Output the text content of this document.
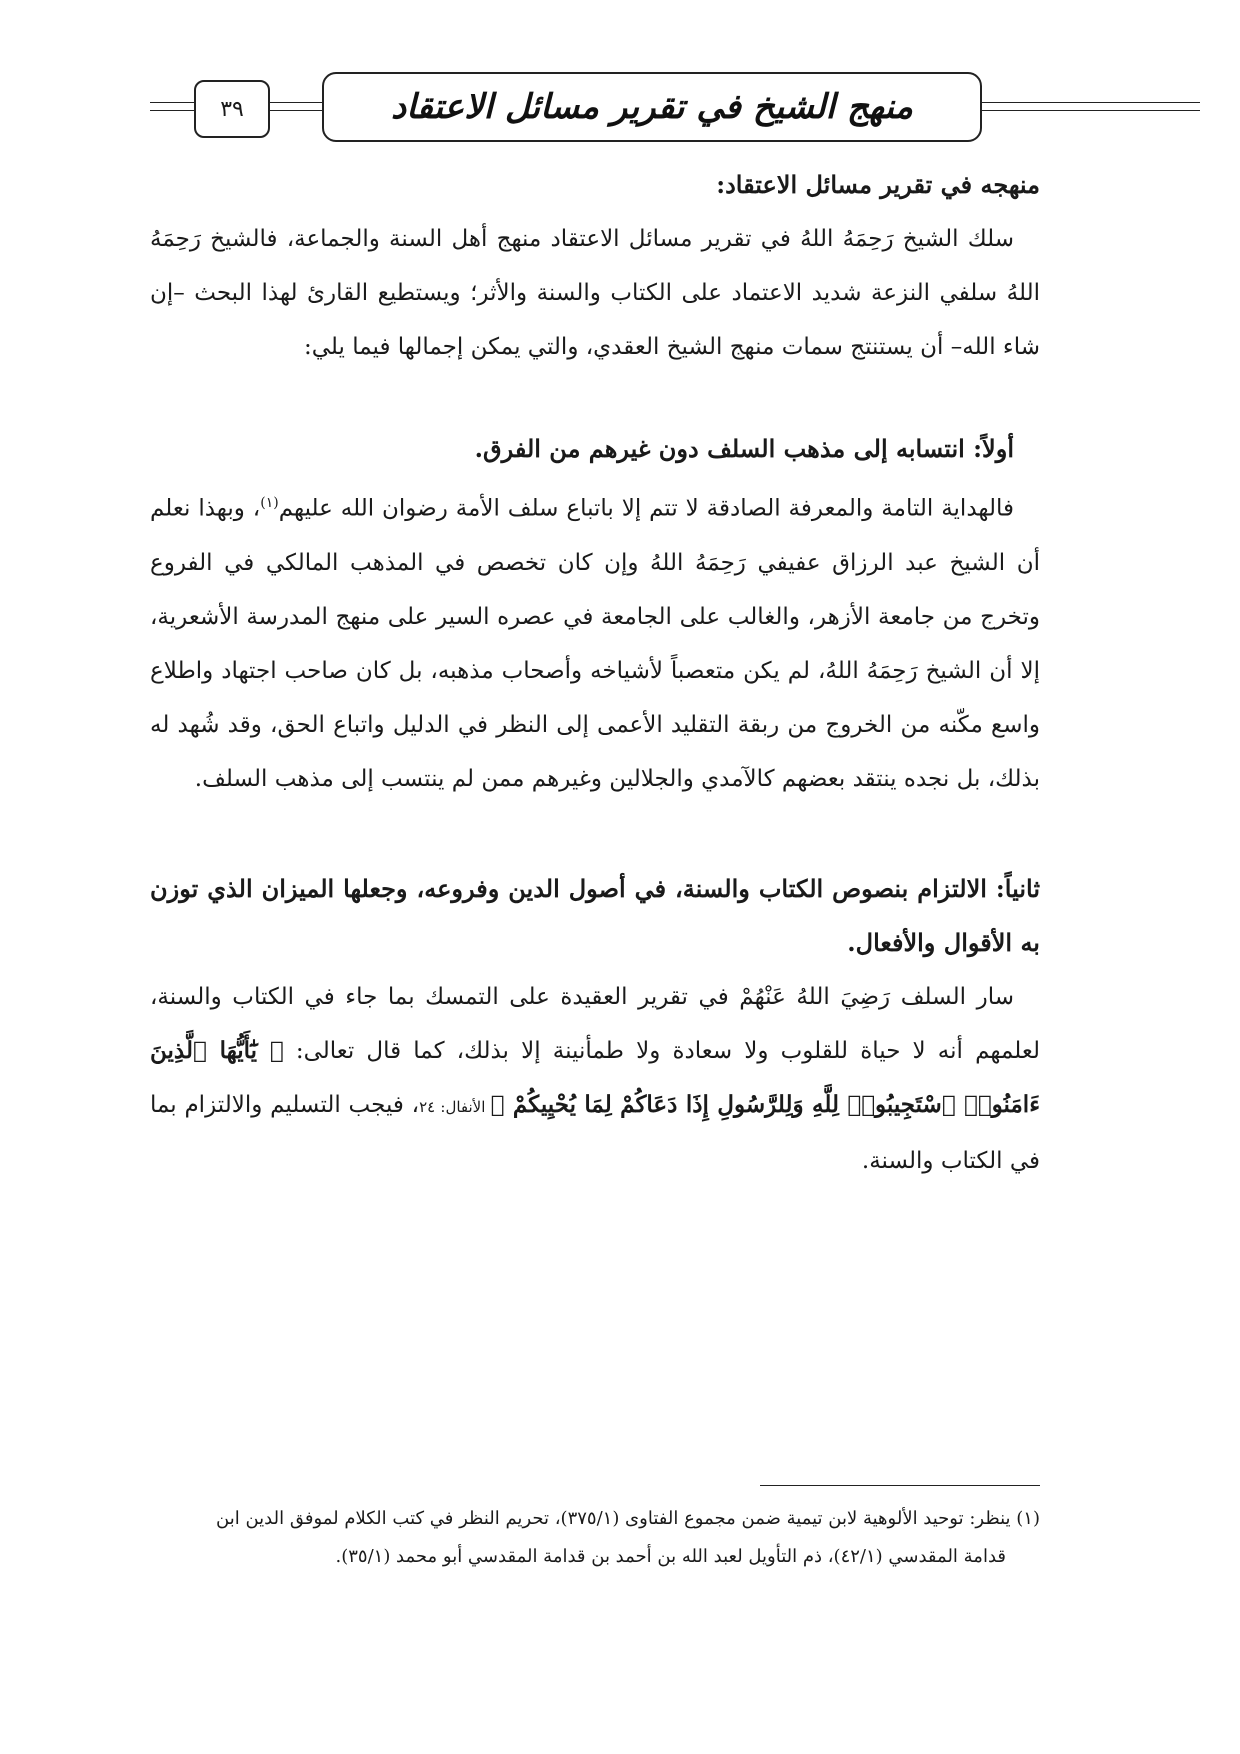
منهج الشيخ في تقرير مسائل الاعتقاد
٣٩

منهجه في تقرير مسائل الاعتقاد:

سلك الشيخ رَحِمَهُ اللهُ في تقرير مسائل الاعتقاد منهج أهل السنة والجماعة، فالشيخ رَحِمَهُ اللهُ سلفي النزعة شديد الاعتماد على الكتاب والسنة والأثر؛ ويستطيع القارئ لهذا البحث –إن شاء الله– أن يستنتج سمات منهج الشيخ العقدي، والتي يمكن إجمالها فيما يلي:

أولاً: انتسابه إلى مذهب السلف دون غيرهم من الفرق.

فالهداية التامة والمعرفة الصادقة لا تتم إلا باتباع سلف الأمة رضوان الله عليهم$^{(١)}$، وبهذا نعلم أن الشيخ عبد الرزاق عفيفي رَحِمَهُ اللهُ وإن كان تخصص في المذهب المالكي في الفروع وتخرج من جامعة الأزهر، والغالب على الجامعة في عصره السير على منهج المدرسة الأشعرية، إلا أن الشيخ رَحِمَهُ اللهُ، لم يكن متعصباً لأشياخه وأصحاب مذهبه، بل كان صاحب اجتهاد واطلاع واسع مكّنه من الخروج من ربقة التقليد الأعمى إلى النظر في الدليل واتباع الحق، وقد شُهد له بذلك، بل نجده ينتقد بعضهم كالآمدي والجلالين وغيرهم ممن لم ينتسب إلى مذهب السلف.

ثانياً: الالتزام بنصوص الكتاب والسنة، في أصول الدين وفروعه، وجعلها الميزان الذي توزن به الأقوال والأفعال.

سار السلف رَضِيَ اللهُ عَنْهُمْ في تقرير العقيدة على التمسك بما جاء في الكتاب والسنة، لعلمهم أنه لا حياة للقلوب ولا سعادة ولا طمأنينة إلا بذلك، كما قال تعالى: ﴿ يَٰٓأَيُّهَا ٱلَّذِينَ ءَامَنُوا۟ ٱسْتَجِيبُوا۟ لِلَّهِ وَلِلرَّسُولِ إِذَا دَعَاكُمْ لِمَا يُحْيِيكُمْ ﴾ الأنفال: ٢٤، فيجب التسليم والالتزام بما في الكتاب والسنة.

(١) ينظر: توحيد الألوهية لابن تيمية ضمن مجموع الفتاوى (٣٧٥/١)، تحريم النظر في كتب الكلام لموفق الدين ابن

قدامة المقدسي (٤٢/١)، ذم التأويل لعبد الله بن أحمد بن قدامة المقدسي أبو محمد (٣٥/١).
